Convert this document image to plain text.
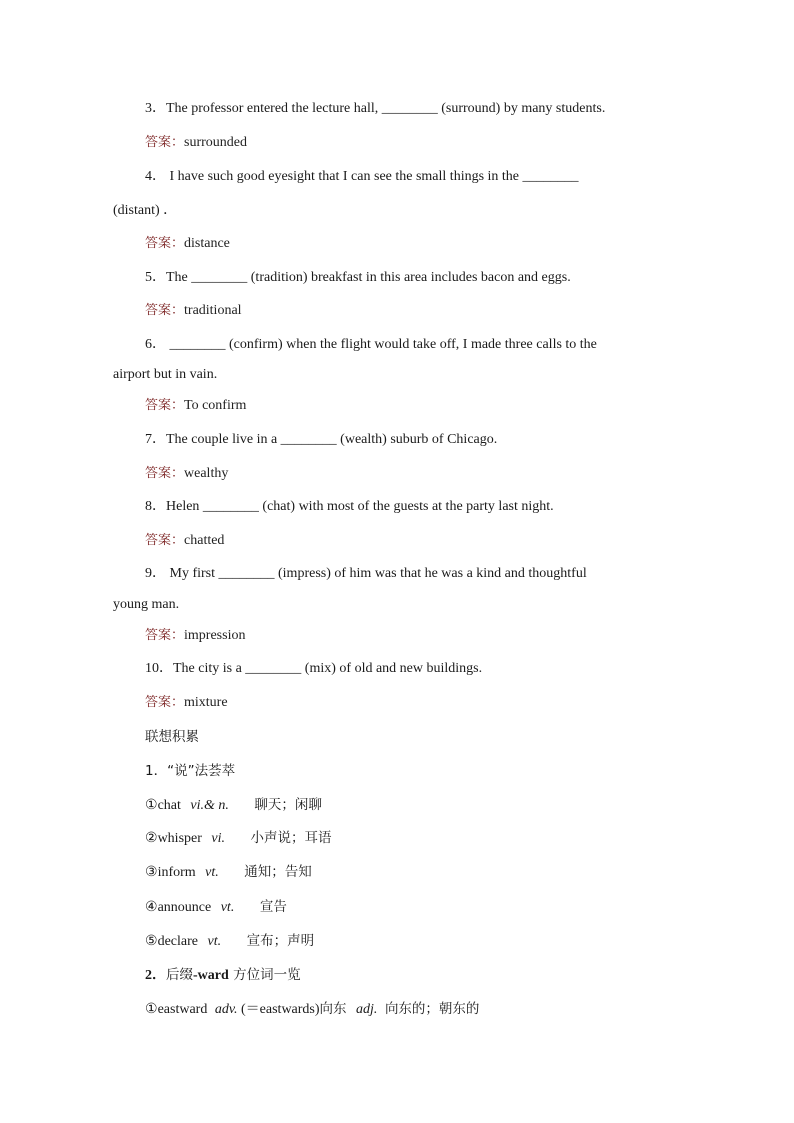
3．The professor entered the lecture hall, ________ (surround) by many students.
答案：surrounded
4． I have such good eyesight that I can see the small things in the ________
(distant) ．
答案：distance
5．The ________ (tradition) breakfast in this area includes bacon and eggs.
答案：traditional
6． ________ (confirm) when the flight would take off, I made three calls to the
airport but in vain.
答案：To confirm
7．The couple live in a ________ (wealth) suburb of Chicago.
答案：wealthy
8．Helen ________ (chat) with most of the guests at the party last night.
答案：chatted
9． My first ________ (impress) of him was that he was a kind and thoughtful
young man.
答案：impression
10．The city is a ________ (mix) of old and new buildings.
答案：mixture
联想积累
1．“说”法荟萃
①chat vi.& n. 聊天；闲聊
②whisper vi. 小声说；耳语
③inform vt. 通知；告知
④announce vt. 宣告
⑤declare vt. 宣布；声明
2．后缀-ward 方位词一览
①eastward adv. (＝eastwards)向东 adj. 向东的；朝东的
